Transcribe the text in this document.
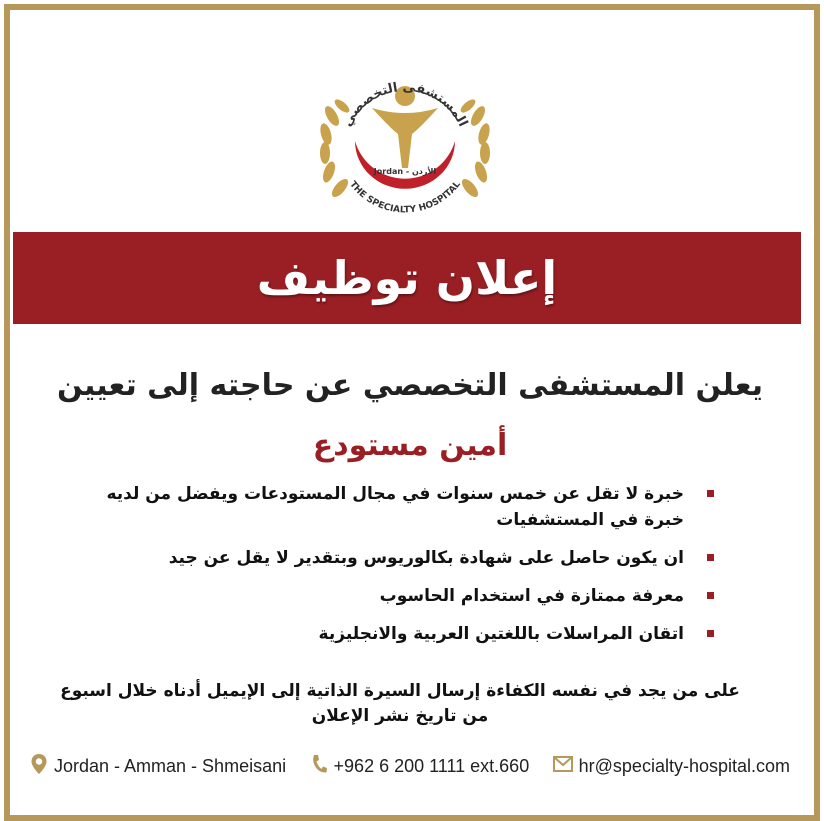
المستشفى التخصصي
THE SPECIALTY HOSPITAL
Jordan - الأردن
إعلان توظيف
يعلن المستشفى التخصصي عن حاجته إلى تعيين
أمين مستودع
خبرة لا تقل عن خمس سنوات في مجال المستودعات ويفضل من لديه خبرة في المستشفيات
ان يكون حاصل على شهادة بكالوريوس وبتقدير لا يقل عن جيد
معرفة ممتازة في استخدام الحاسوب
اتقان المراسلات باللغتين العربية والانجليزية
على من يجد في نفسه الكفاءة إرسال السيرة الذاتية إلى الإيميل أدناه خلال اسبوع من تاريخ نشر الإعلان
Jordan - Amman - Shmeisani	+962 6 200 1111 ext.660	hr@specialty-hospital.com
